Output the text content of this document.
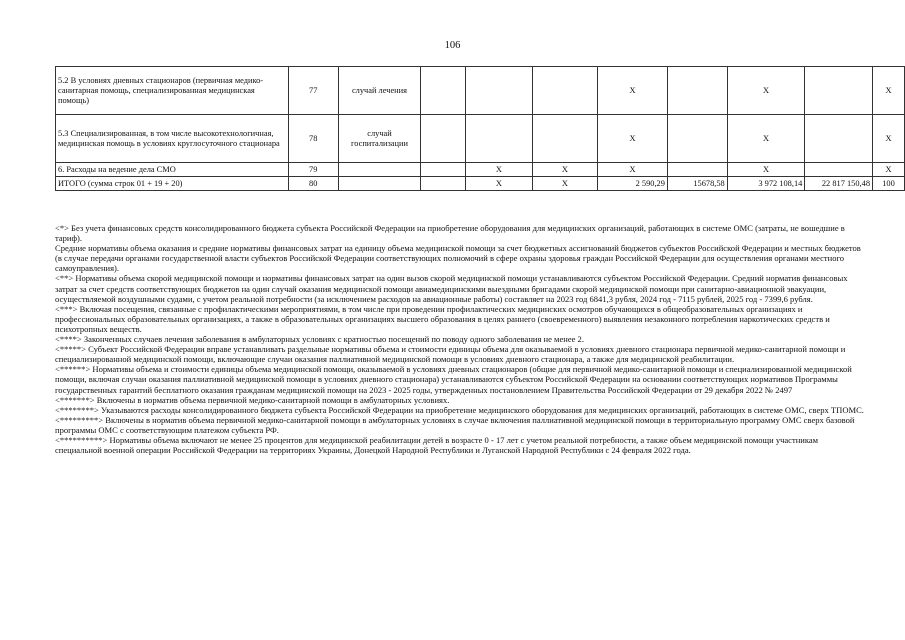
106
5.2 В условиях дневных стационаров (первичная медико-санитарная помощь, специализированная медицинская помощь)	77	случай лечения				X		X		X
5.3 Специализированная, в том числе высокотехнологичная, медицинская помощь в условиях круглосуточного стационара	78	случай госпитализации				X		X		X
6. Расходы на ведение дела СМО	79			X	X	X		X		X
ИТОГО (сумма строк 01 + 19 + 20)	80			X	X	2 590,29	15678,58	3 972 108,14	22 817 150,48	100

<*> Без учета финансовых средств консолидированного бюджета субъекта Российской Федерации на приобретение оборудования для медицинских организаций, работающих в системе ОМС (затраты, не вошедшие в тариф).

Средние нормативы объема оказания и средние нормативы финансовых затрат на единицу объема медицинской помощи за счет бюджетных ассигнований бюджетов субъектов Российской Федерации и местных бюджетов (в случае передачи органами государственной власти субъектов Российской Федерации соответствующих полномочий в сфере охраны здоровья граждан Российской Федерации для осуществления органами местного самоуправления).

<**> Нормативы объема скорой медицинской помощи и нормативы финансовых затрат на один вызов скорой медицинской помощи устанавливаются субъектом Российской Федерации. Средний норматив финансовых затрат за счет средств соответствующих бюджетов на один случай оказания медицинской помощи авиамедицинскими выездными бригадами скорой медицинской помощи при санитарно-авиационной эвакуации, осуществляемой воздушными судами, с учетом реальной потребности (за исключением расходов на авиационные работы) составляет на 2023 год 6841,3 рубля, 2024 год - 7115 рублей, 2025 год - 7399,6 рубля.

<***> Включая посещения, связанные с профилактическими мероприятиями, в том числе при проведении профилактических медицинских осмотров обучающихся в общеобразовательных организациях и профессиональных образовательных организациях, а также в образовательных организациях высшего образования в целях раннего (своевременного) выявления незаконного потребления наркотических средств и психотропных веществ.

<****> Законченных случаев лечения заболевания в амбулаторных условиях с кратностью посещений по поводу одного заболевания не менее 2.

<*****> Субъект Российской Федерации вправе устанавливать раздельные нормативы объема и стоимости единицы объема для оказываемой в условиях дневного стационара первичной медико-санитарной помощи и специализированной медицинской помощи, включающие случаи оказания паллиативной медицинской помощи в условиях дневного стационара, а также для медицинской реабилитации.

<******> Нормативы объема и стоимости единицы объема медицинской помощи, оказываемой в условиях дневных стационаров (общие для первичной медико-санитарной помощи и специализированной медицинской помощи, включая случаи оказания паллиативной медицинской помощи в условиях дневного стационара) устанавливаются субъектом Российской Федерации на основании соответствующих нормативов Программы государственных гарантий бесплатного оказания гражданам медицинской помощи на 2023 - 2025 годы, утвержденных постановлением Правительства Российской Федерации от 29 декабря 2022 № 2497

<*******> Включены в норматив объема первичной медико-санитарной помощи в амбулаторных условиях.

<********> Указываются расходы консолидированного бюджета субъекта Российской Федерации на приобретение медицинского оборудования для медицинских организаций, работающих в системе ОМС, сверх ТПОМС.

<*********> Включены в норматив объема первичной медико-санитарной помощи в амбулаторных условиях в случае включения паллиативной медицинской помощи в территориальную программу ОМС сверх базовой программы ОМС с соответствующим платежом субъекта РФ.

<**********> Нормативы объема включают не менее 25 процентов для медицинской реабилитации детей в возрасте 0 - 17 лет с учетом реальной потребности, а также объем медицинской помощи участникам специальной военной операции Российской Федерации на территориях Украины, Донецкой Народной Республики и Луганской Народной Республики с 24 февраля 2022 года.
